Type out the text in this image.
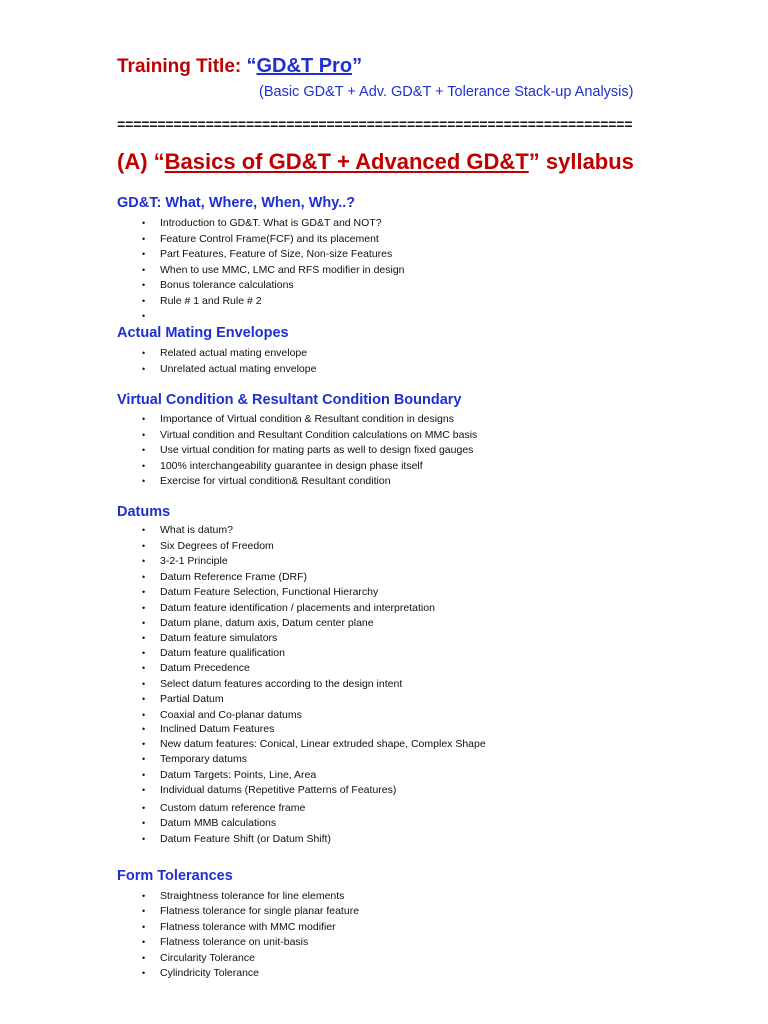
Training Title: “GD&T Pro”
(Basic GD&T + Adv. GD&T + Tolerance Stack-up Analysis)
================================================================
(A) “Basics of GD&T + Advanced GD&T” syllabus
GD&T: What, Where, When, Why..?
• Introduction to GD&T. What is GD&T and NOT?
• Feature Control Frame(FCF) and its placement
• Part Features, Feature of Size, Non-size Features
• When to use MMC, LMC and RFS modifier in design
• Bonus tolerance calculations
• Rule # 1 and Rule # 2
•
Actual Mating Envelopes
• Related actual mating envelope
• Unrelated actual mating envelope
Virtual Condition & Resultant Condition Boundary
• Importance of Virtual condition & Resultant condition in designs
• Virtual condition and Resultant Condition calculations on MMC basis
• Use virtual condition for mating parts as well to design fixed gauges
• 100% interchangeability guarantee in design phase itself
• Exercise for virtual condition& Resultant condition
Datums
• What is datum?
• Six Degrees of Freedom
• 3-2-1 Principle
• Datum Reference Frame (DRF)
• Datum Feature Selection, Functional Hierarchy
• Datum feature identification / placements and interpretation
• Datum plane, datum axis, Datum center plane
• Datum feature simulators
• Datum feature qualification
• Datum Precedence
• Select datum features according to the design intent
• Partial Datum
• Coaxial and Co-planar datums
• Inclined Datum Features
• New datum features: Conical, Linear extruded shape, Complex Shape
• Temporary datums
• Datum Targets: Points, Line, Area
• Individual datums (Repetitive Patterns of Features)
• Custom datum reference frame
• Datum MMB calculations
• Datum Feature Shift (or Datum Shift)
Form Tolerances
• Straightness tolerance for line elements
• Flatness tolerance for single planar feature
• Flatness tolerance with MMC modifier
• Flatness tolerance on unit-basis
• Circularity Tolerance
• Cylindricity Tolerance
